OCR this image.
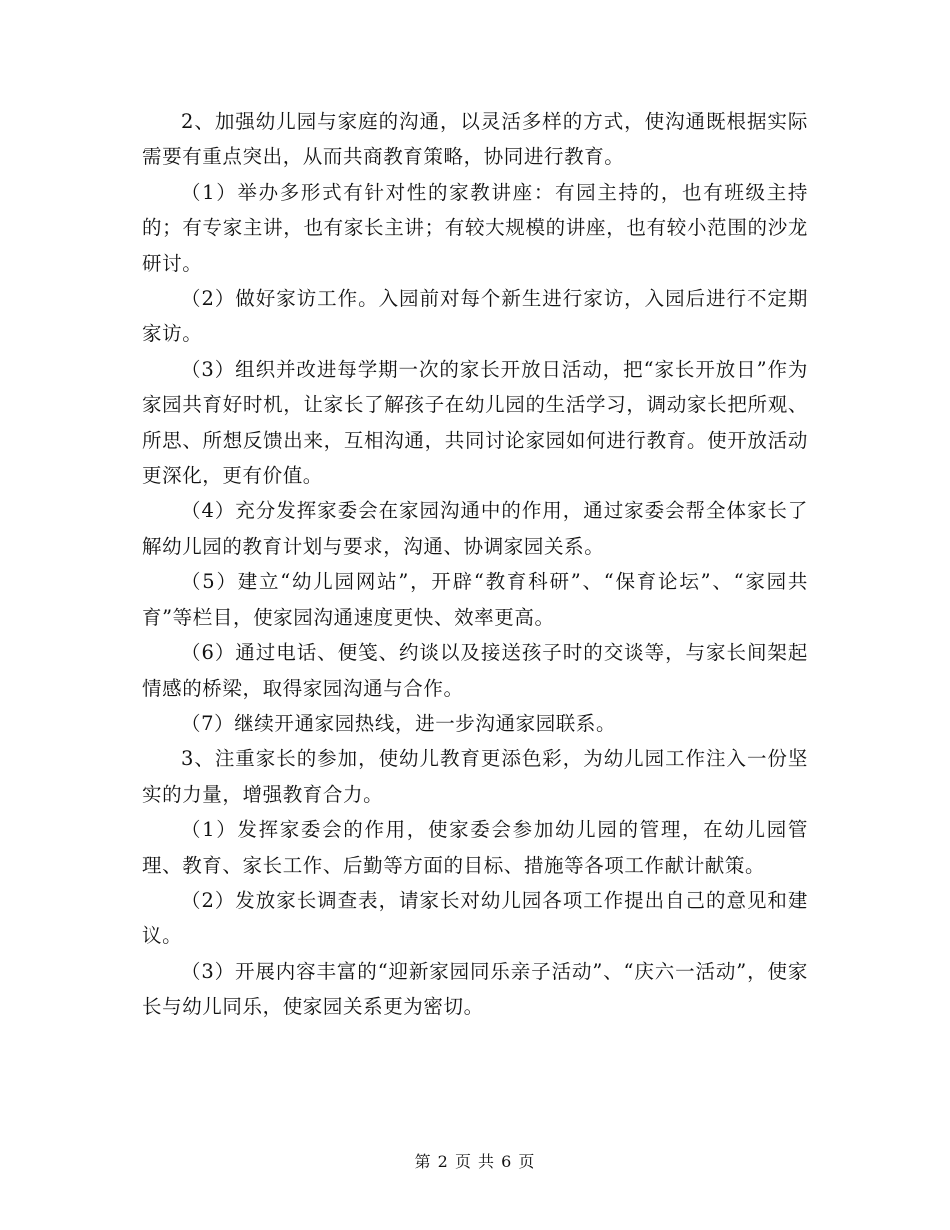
2、加强幼儿园与家庭的沟通，以灵活多样的方式，使沟通既根据实际需要有重点突出，从而共商教育策略，协同进行教育。

（1）举办多形式有针对性的家教讲座：有园主持的，也有班级主持的；有专家主讲，也有家长主讲；有较大规模的讲座，也有较小范围的沙龙研讨。

（2）做好家访工作。入园前对每个新生进行家访，入园后进行不定期家访。

（3）组织并改进每学期一次的家长开放日活动，把“家长开放日”作为家园共育好时机，让家长了解孩子在幼儿园的生活学习，调动家长把所观、所思、所想反馈出来，互相沟通，共同讨论家园如何进行教育。使开放活动更深化，更有价值。

（4）充分发挥家委会在家园沟通中的作用，通过家委会帮全体家长了解幼儿园的教育计划与要求，沟通、协调家园关系。

（5）建立“幼儿园网站”，开辟“教育科研”、“保育论坛”、“家园共育”等栏目，使家园沟通速度更快、效率更高。

（6）通过电话、便笺、约谈以及接送孩子时的交谈等，与家长间架起情感的桥梁，取得家园沟通与合作。

（7）继续开通家园热线，进一步沟通家园联系。

3、注重家长的参加，使幼儿教育更添色彩，为幼儿园工作注入一份坚实的力量，增强教育合力。

（1）发挥家委会的作用，使家委会参加幼儿园的管理，在幼儿园管理、教育、家长工作、后勤等方面的目标、措施等各项工作献计献策。

（2）发放家长调查表，请家长对幼儿园各项工作提出自己的意见和建议。

（3）开展内容丰富的“迎新家园同乐亲子活动”、“庆六一活动”，使家长与幼儿同乐，使家园关系更为密切。

第 2 页 共 6 页
